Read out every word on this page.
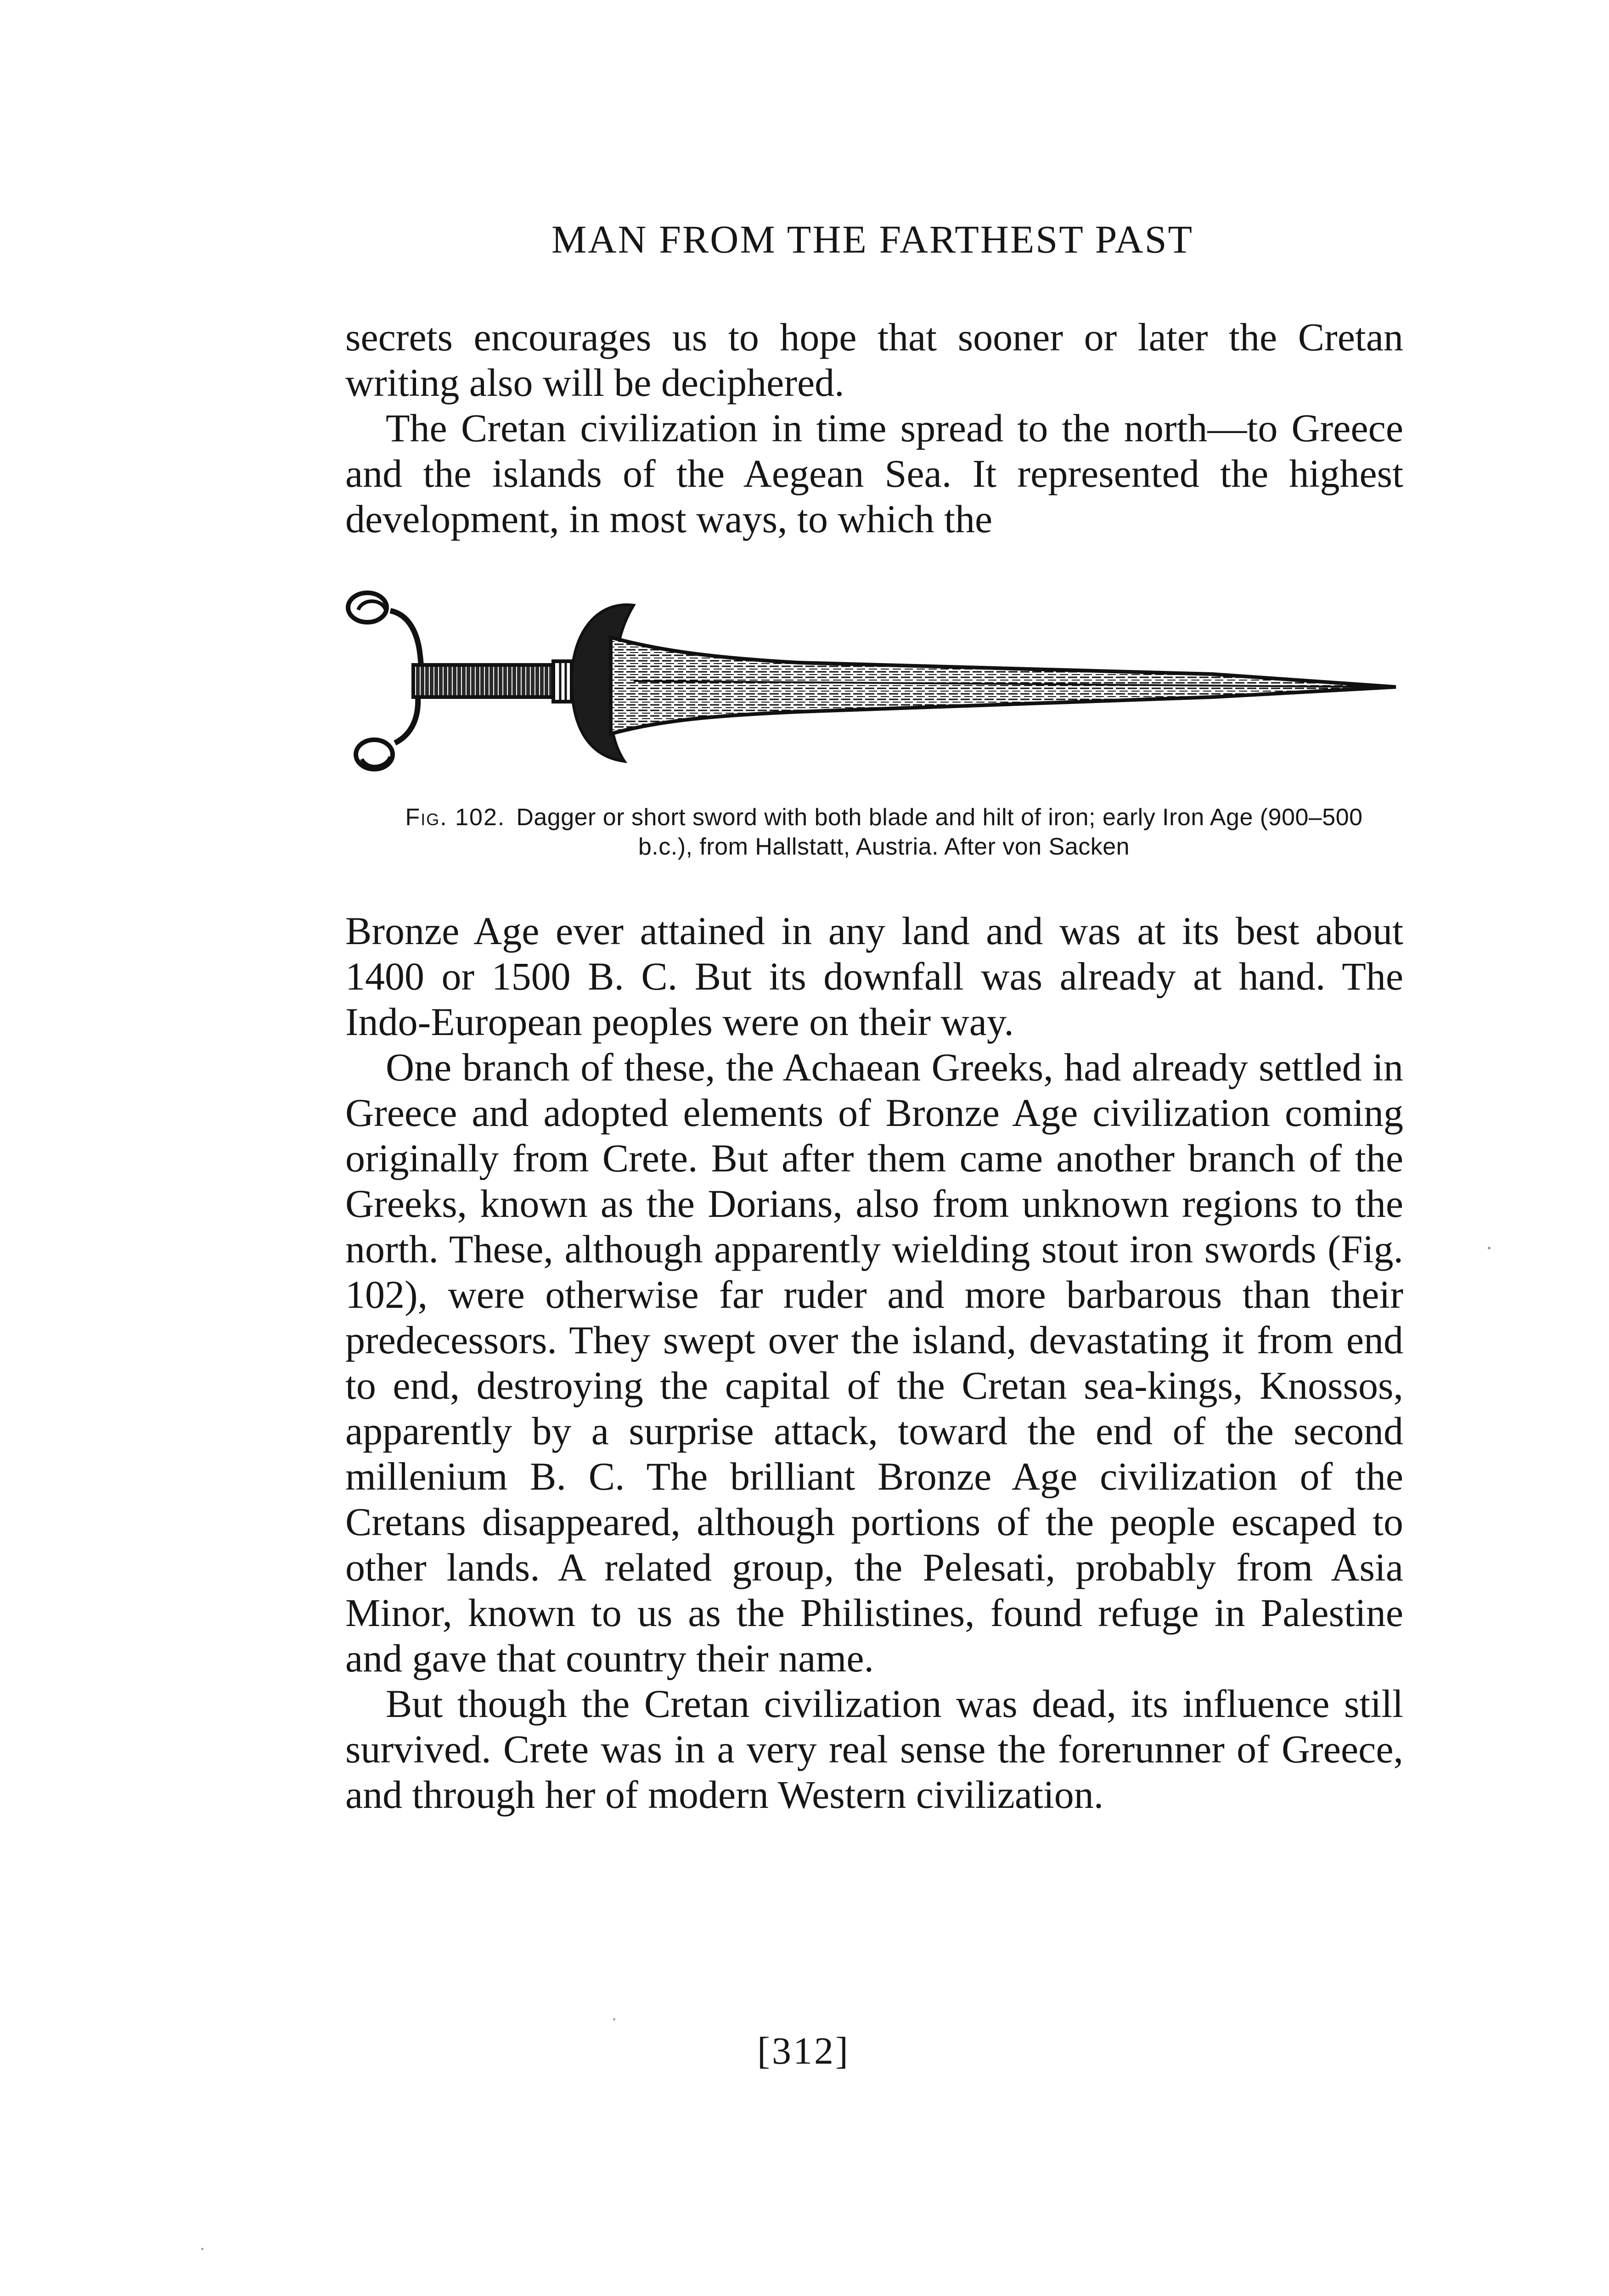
MAN FROM THE FARTHEST PAST

secrets encourages us to hope that sooner or later the Cretan writing also will be deciphered.

The Cretan civilization in time spread to the north—to Greece and the islands of the Aegean Sea. It represented the highest development, in most ways, to which the

Fig. 102. Dagger or short sword with both blade and hilt of iron; early Iron Age (900–500 b.c.), from Hallstatt, Austria. After von Sacken

Bronze Age ever attained in any land and was at its best about 1400 or 1500 B. C. But its downfall was already at hand. The Indo-European peoples were on their way.

One branch of these, the Achaean Greeks, had already settled in Greece and adopted elements of Bronze Age civilization coming originally from Crete. But after them came another branch of the Greeks, known as the Dorians, also from unknown regions to the north. These, although apparently wielding stout iron swords (Fig. 102), were otherwise far ruder and more barbarous than their predecessors. They swept over the island, devastating it from end to end, destroying the capital of the Cretan sea-kings, Knossos, apparently by a surprise attack, toward the end of the second millenium B. C. The brilliant Bronze Age civilization of the Cretans disappeared, although portions of the people escaped to other lands. A related group, the Pelesati, probably from Asia Minor, known to us as the Philistines, found refuge in Palestine and gave that country their name.

But though the Cretan civilization was dead, its influence still survived. Crete was in a very real sense the forerunner of Greece, and through her of modern Western civilization.

[312]
